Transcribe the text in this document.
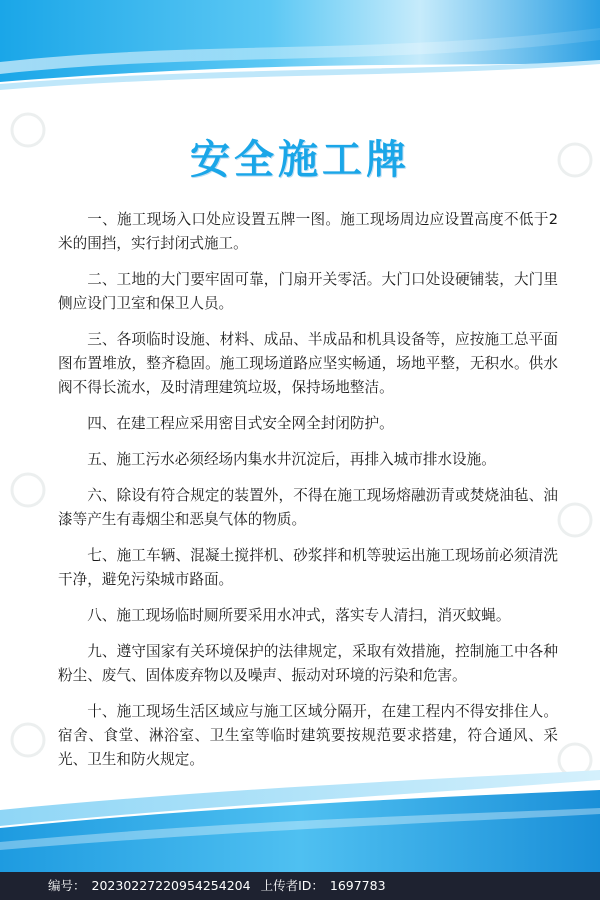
安全施工牌

一、施工现场入口处应设置五牌一图。施工现场周边应设置高度不低于2米的围挡，实行封闭式施工。

二、工地的大门要牢固可靠，门扇开关零活。大门口处设硬铺装，大门里侧应设门卫室和保卫人员。

三、各项临时设施、材料、成品、半成品和机具设备等，应按施工总平面图布置堆放，整齐稳固。施工现场道路应坚实畅通，场地平整，无积水。供水阀不得长流水，及时清理建筑垃圾，保持场地整洁。

四、在建工程应采用密目式安全网全封闭防护。

五、施工污水必须经场内集水井沉淀后，再排入城市排水设施。

六、除设有符合规定的装置外，不得在施工现场熔融沥青或焚烧油毡、油漆等产生有毒烟尘和恶臭气体的物质。

七、施工车辆、混凝土搅拌机、砂浆拌和机等驶运出施工现场前必须清洗干净，避免污染城市路面。

八、施工现场临时厕所要采用水冲式，落实专人清扫，消灭蚊蝇。

九、遵守国家有关环境保护的法律规定，采取有效措施，控制施工中各种粉尘、废气、固体废弃物以及噪声、振动对环境的污染和危害。

十、施工现场生活区域应与施工区域分隔开，在建工程内不得安排住人。宿舍、食堂、淋浴室、卫生室等临时建筑要按规范要求搭建，符合通风、采光、卫生和防火规定。

编号： 20230227220954254204 上传者ID： 1697783
